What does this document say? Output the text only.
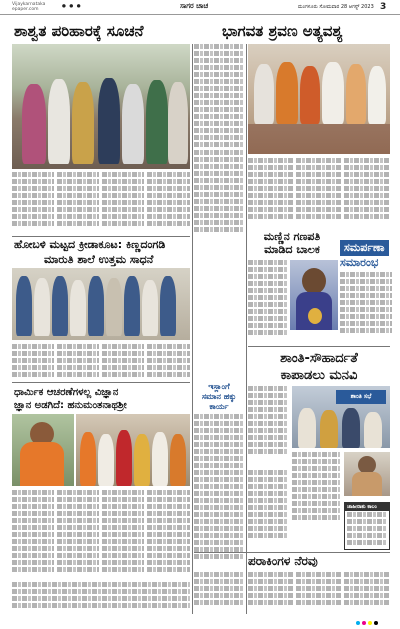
Vijaykarnataka
epaper.com
● ● ●	ಸಾಗರ ಚಾಚ	ಮಂಗಳೂರು ಸೋಮವಾರ 28 ಆಗಸ್ಟ್ 2023 3
ಶಾಶ್ವತ ಪರಿಹಾರಕ್ಕೆ ಸೂಚನೆ	ಭಾಗವತ ಶ್ರವಣ ಅತ್ಯವಶ್ಯ
ಮಣ್ಣಿನ ಗಣಪತಿ
ಮಾಡಿದ ಬಾಲಕ	ಸಮರ್ಪಣಾ
ಸಮಾರಂಭ
ಹೋಬಳಿ ಮಟ್ಟದ ಕ್ರೀಡಾಕೂಟ: ಕಿಣ್ಣದಂಗಡಿ
ಮಾರುತಿ ಶಾಲೆ ಉತ್ತಮ ಸಾಧನೆ
ಇಸ್ಲಾಂಗೆ
ಸಮಾನ ಹಕ್ಕು
ಕಾರ್ಯ
ಶಾಂತಿ-ಸೌಹಾರ್ದತೆ
ಕಾಪಾಡಲು ಮನವಿ
ಶಾಂತಿ ಸಭೆ
ಜಾಹೀರಾತು ಕಾಲಂ
ಧಾರ್ಮಿಕ ಆಚರಣೆಗಳಲ್ಲ ವಿಜ್ಞಾನ
ಜ್ಞಾನ ಅಡಗಿದೆ: ಹನುಮಂತನಾಥಶ್ರೀ
ಪರಾಕಿಂಗಳ ನೆರವು
